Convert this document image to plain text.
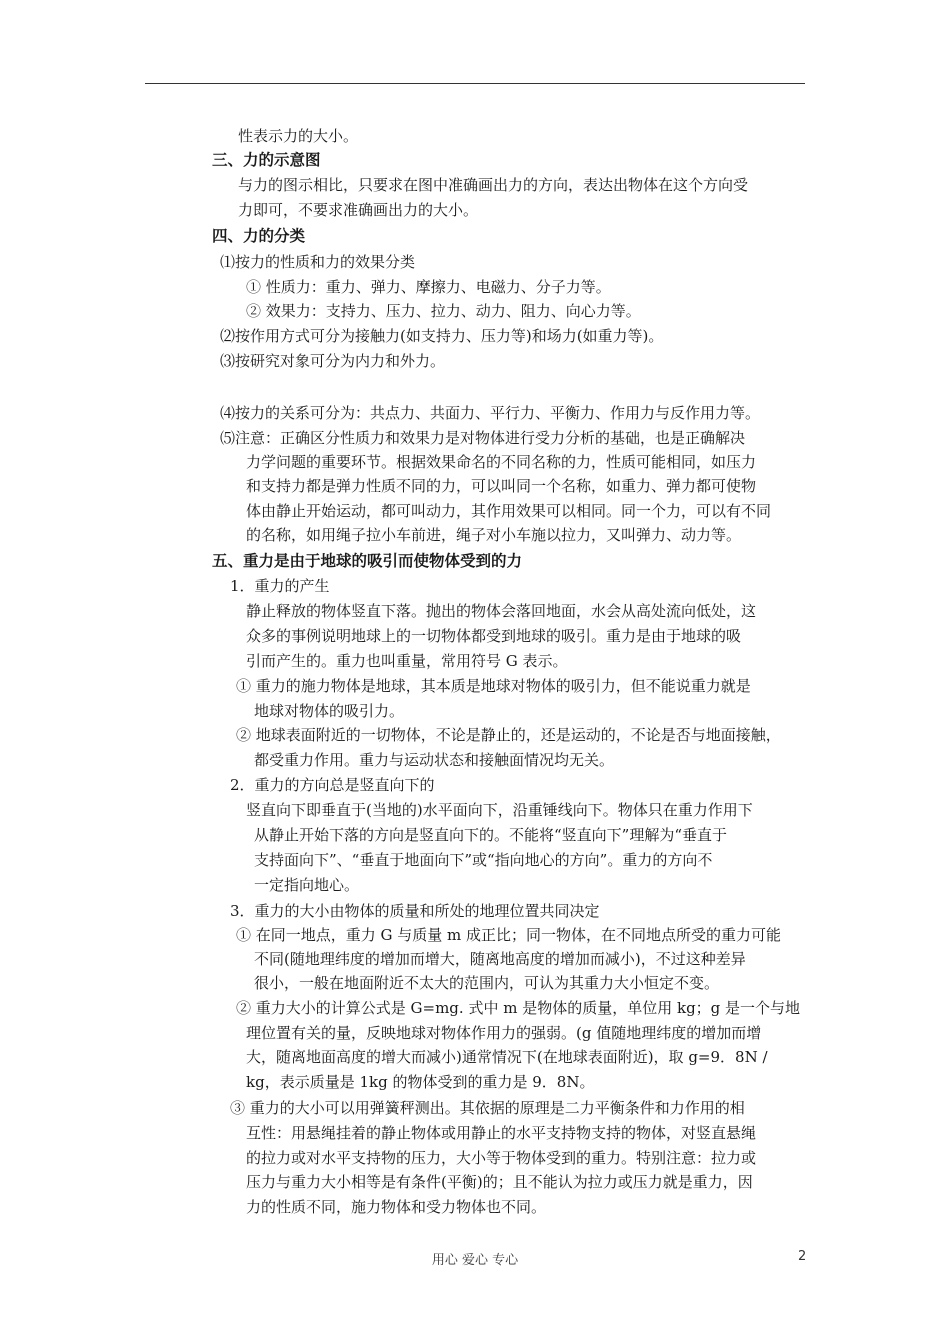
性表示力的大小。
三、力的示意图
与力的图示相比，只要求在图中准确画出力的方向，表达出物体在这个方向受
力即可，不要求准确画出力的大小。
四、力的分类
⑴按力的性质和力的效果分类
① 性质力：重力、弹力、摩擦力、电磁力、分子力等。
② 效果力：支持力、压力、拉力、动力、阻力、向心力等。
⑵按作用方式可分为接触力(如支持力、压力等)和场力(如重力等)。
⑶按研究对象可分为内力和外力。
⑷按力的关系可分为：共点力、共面力、平行力、平衡力、作用力与反作用力等。
⑸注意：正确区分性质力和效果力是对物体进行受力分析的基础，也是正确解决
力学问题的重要环节。根据效果命名的不同名称的力，性质可能相同，如压力
和支持力都是弹力性质不同的力，可以叫同一个名称，如重力、弹力都可使物
体由静止开始运动，都可叫动力，其作用效果可以相同。同一个力，可以有不同
的名称，如用绳子拉小车前进，绳子对小车施以拉力，又叫弹力、动力等。
五、重力是由于地球的吸引而使物体受到的力
1．重力的产生
静止释放的物体竖直下落。抛出的物体会落回地面，水会从高处流向低处，这
众多的事例说明地球上的一切物体都受到地球的吸引。重力是由于地球的吸
引而产生的。重力也叫重量，常用符号 G 表示。
① 重力的施力物体是地球，其本质是地球对物体的吸引力，但不能说重力就是
地球对物体的吸引力。
② 地球表面附近的一切物体，不论是静止的，还是运动的，不论是否与地面接触，
都受重力作用。重力与运动状态和接触面情况均无关。
2．重力的方向总是竖直向下的
竖直向下即垂直于(当地的)水平面向下，沿重锤线向下。物体只在重力作用下
从静止开始下落的方向是竖直向下的。不能将“竖直向下”理解为“垂直于
支持面向下”、“垂直于地面向下”或“指向地心的方向”。重力的方向不
一定指向地心。
3．重力的大小由物体的质量和所处的地理位置共同决定
① 在同一地点，重力 G 与质量 m 成正比；同一物体，在不同地点所受的重力可能
不同(随地理纬度的增加而增大，随离地高度的增加而减小)，不过这种差异
很小，一般在地面附近不太大的范围内，可认为其重力大小恒定不变。
② 重力大小的计算公式是 G=mg. 式中 m 是物体的质量，单位用 kg；g 是一个与地
理位置有关的量，反映地球对物体作用力的强弱。(g 值随地理纬度的增加而增
大，随离地面高度的增大而减小)通常情况下(在地球表面附近)，取 g=9．8N /
kg，表示质量是 1kg 的物体受到的重力是 9．8N。
③ 重力的大小可以用弹簧秤测出。其依据的原理是二力平衡条件和力作用的相
互性：用悬绳挂着的静止物体或用静止的水平支持物支持的物体，对竖直悬绳
的拉力或对水平支持物的压力，大小等于物体受到的重力。特别注意：拉力或
压力与重力大小相等是有条件(平衡)的；且不能认为拉力或压力就是重力，因
力的性质不同，施力物体和受力物体也不同。
用心 爱心 专心	2
